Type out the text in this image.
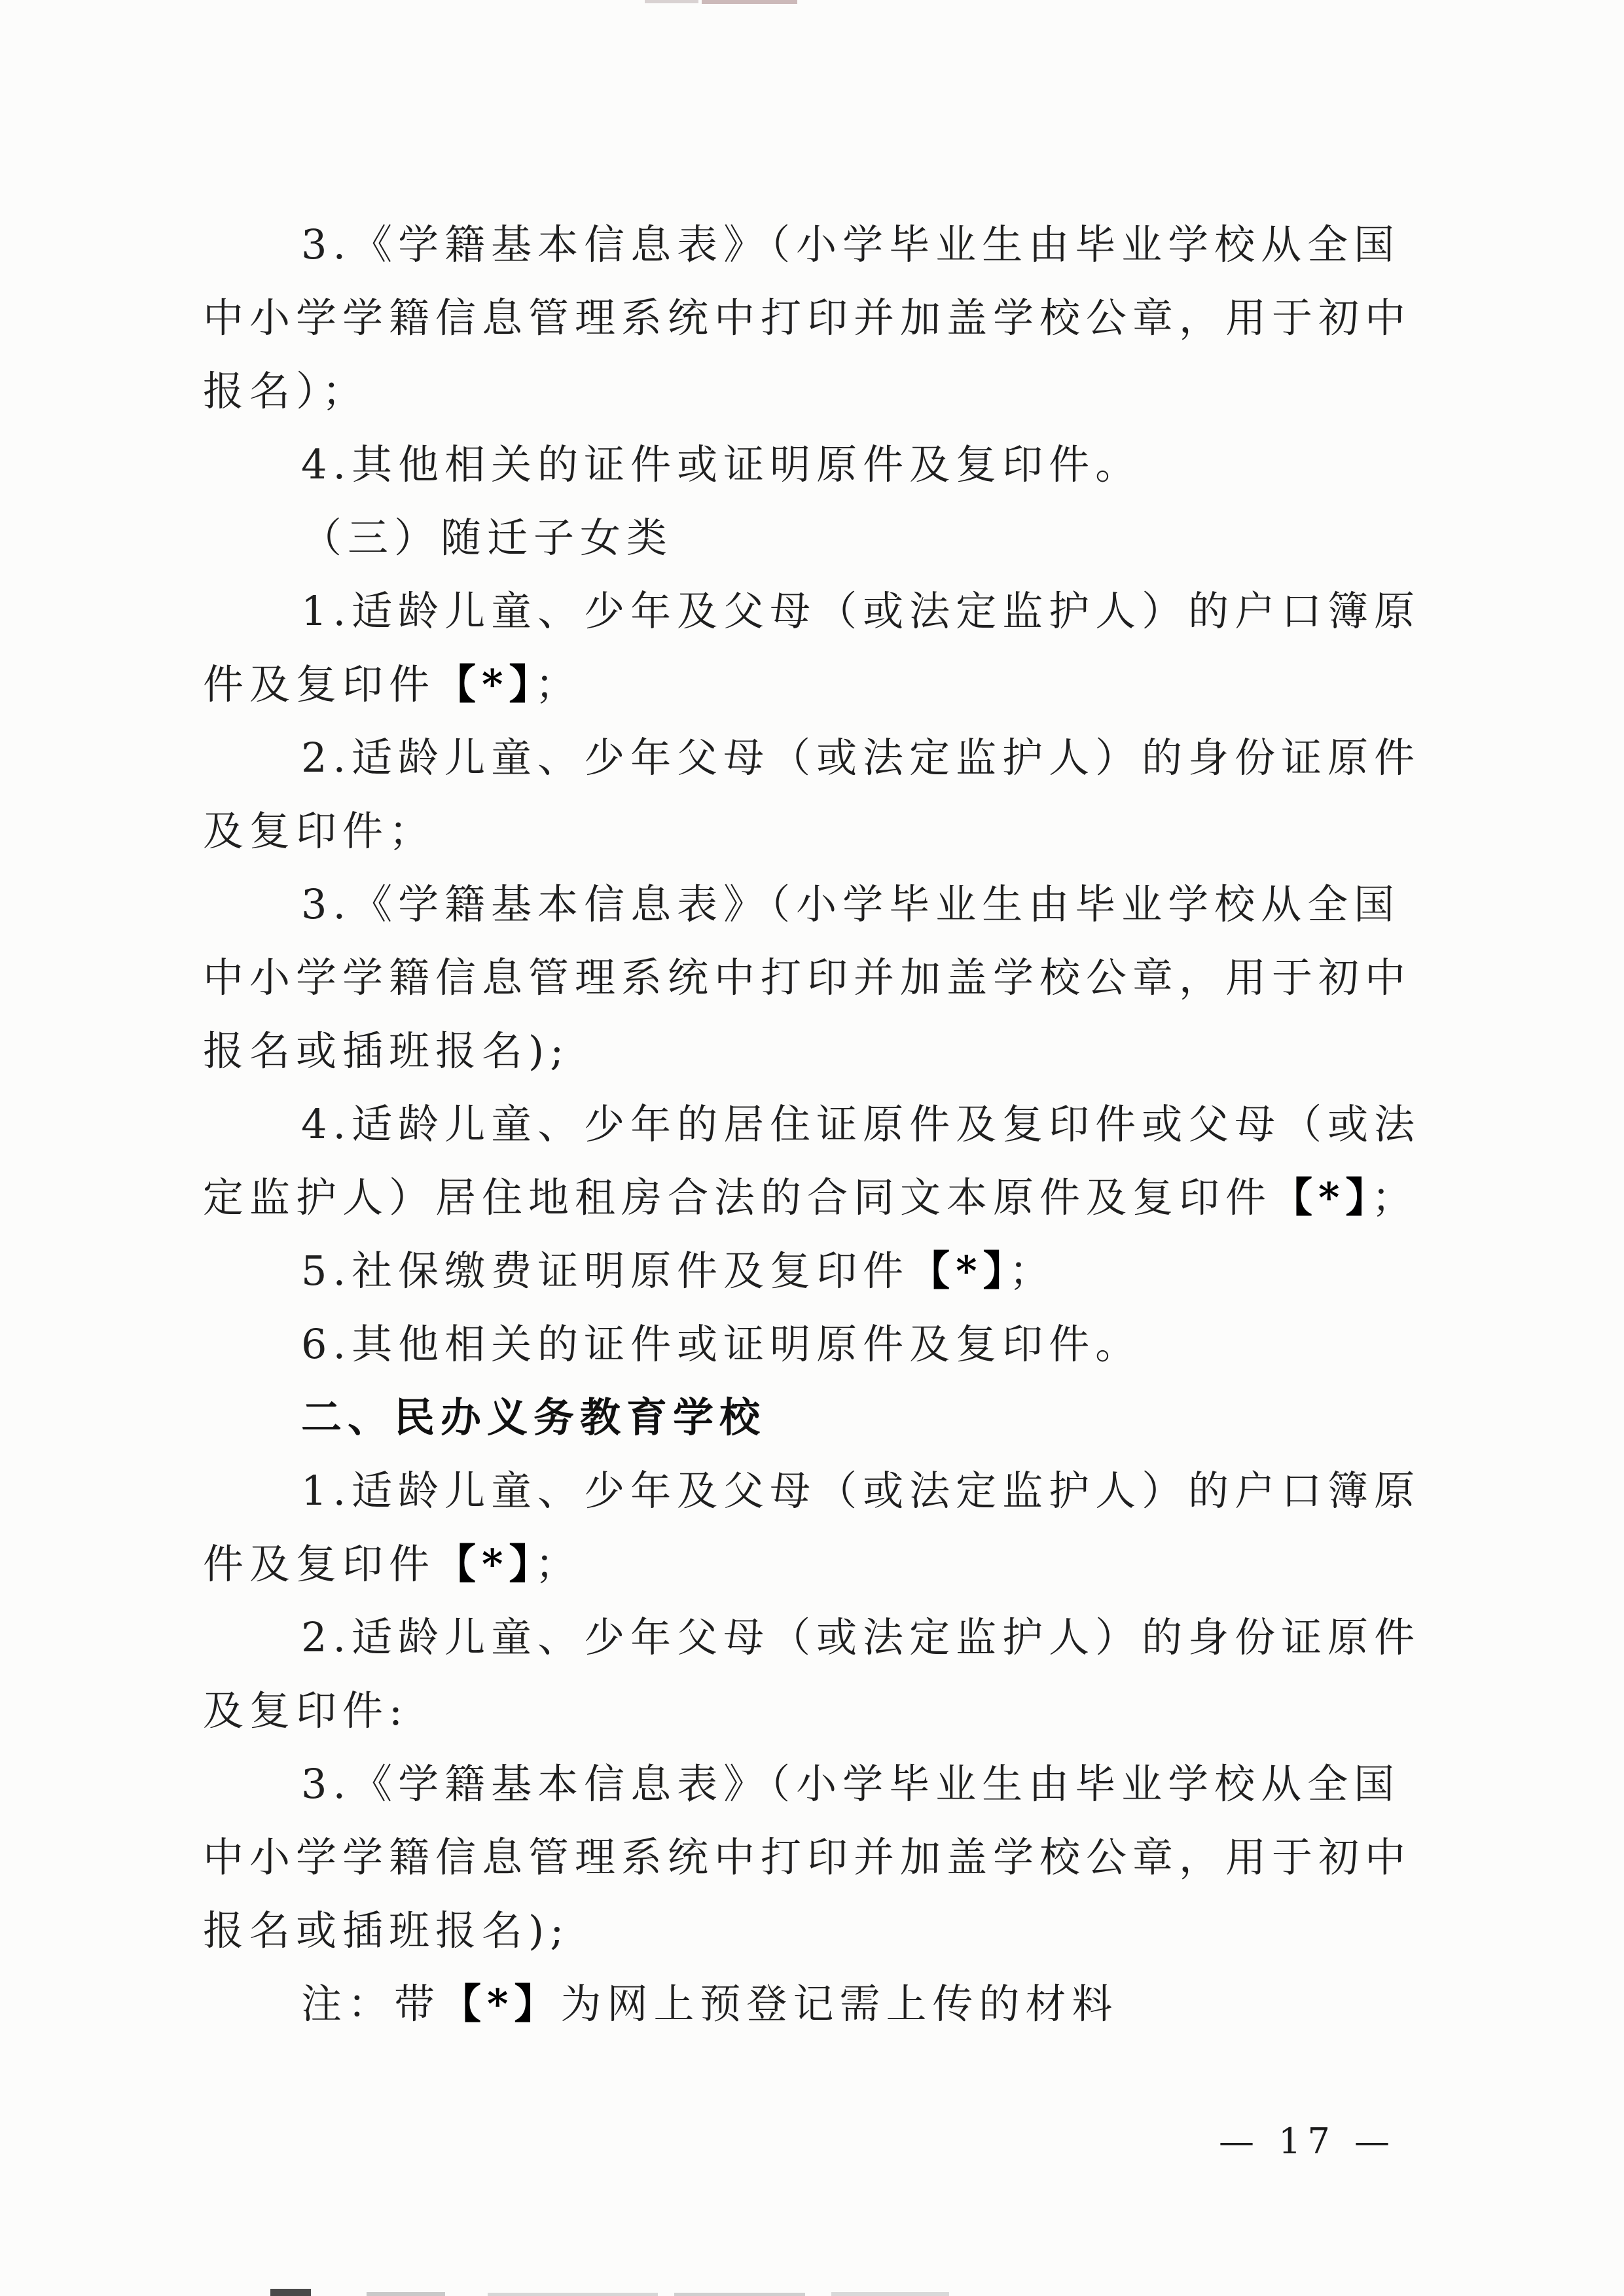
3.《学籍基本信息表》（小学毕业生由毕业学校从全国
中小学学籍信息管理系统中打印并加盖学校公章，用于初中
报名）；
4.其他相关的证件或证明原件及复印件。
（三）随迁子女类
1.适龄儿童、少年及父母（或法定监护人）的户口簿原
件及复印件【*】；
2.适龄儿童、少年父母（或法定监护人）的身份证原件
及复印件；
3.《学籍基本信息表》（小学毕业生由毕业学校从全国
中小学学籍信息管理系统中打印并加盖学校公章，用于初中
报名或插班报名);
4.适龄儿童、少年的居住证原件及复印件或父母（或法
定监护人）居住地租房合法的合同文本原件及复印件【*】；
5.社保缴费证明原件及复印件【*】；
6.其他相关的证件或证明原件及复印件。
二、民办义务教育学校
1.适龄儿童、少年及父母（或法定监护人）的户口簿原
件及复印件【*】；
2.适龄儿童、少年父母（或法定监护人）的身份证原件
及复印件:
3.《学籍基本信息表》（小学毕业生由毕业学校从全国
中小学学籍信息管理系统中打印并加盖学校公章，用于初中
报名或插班报名);
注：带【*】为网上预登记需上传的材料
— 17 —
